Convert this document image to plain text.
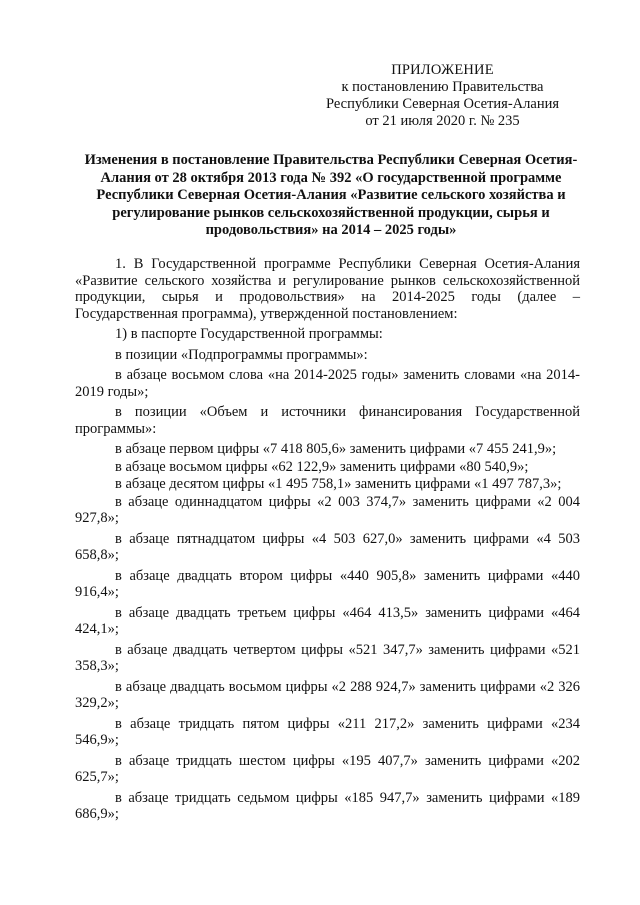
ПРИЛОЖЕНИЕ
к постановлению Правительства
Республики Северная Осетия-Алания
от 21 июля 2020 г. № 235
Изменения в постановление Правительства Республики Северная Осетия-Алания от 28 октября 2013 года № 392 «О государственной программе Республики Северная Осетия-Алания «Развитие сельского хозяйства и регулирование рынков сельскохозяйственной продукции, сырья и продовольствия» на 2014 – 2025 годы»

1. В Государственной программе Республики Северная Осетия-Алания «Развитие сельского хозяйства и регулирование рынков сельскохозяйственной продукции, сырья и продовольствия» на 2014-2025 годы (далее – Государственная программа), утвержденной постановлением:

1) в паспорте Государственной программы:

в позиции «Подпрограммы программы»:

в абзаце восьмом слова «на 2014-2025 годы» заменить словами «на 2014-2019 годы»;

в позиции «Объем и источники финансирования Государственной программы»:

в абзаце первом цифры «7 418 805,6» заменить цифрами «7 455 241,9»;

в абзаце восьмом цифры «62 122,9» заменить цифрами «80 540,9»;

в абзаце десятом цифры «1 495 758,1» заменить цифрами «1 497 787,3»;

в абзаце одиннадцатом цифры «2 003 374,7» заменить цифрами «2 004 927,8»;

в абзаце пятнадцатом цифры «4 503 627,0» заменить цифрами «4 503 658,8»;

в абзаце двадцать втором цифры «440 905,8» заменить цифрами «440 916,4»;

в абзаце двадцать третьем цифры «464 413,5» заменить цифрами «464 424,1»;

в абзаце двадцать четвертом цифры «521 347,7» заменить цифрами «521 358,3»;

в абзаце двадцать восьмом цифры «2 288 924,7» заменить цифрами «2 326 329,2»;

в абзаце тридцать пятом цифры «211 217,2» заменить цифрами «234 546,9»;

в абзаце тридцать шестом цифры «195 407,7» заменить цифрами «202 625,7»;

в абзаце тридцать седьмом цифры «185 947,7» заменить цифрами «189 686,9»;
